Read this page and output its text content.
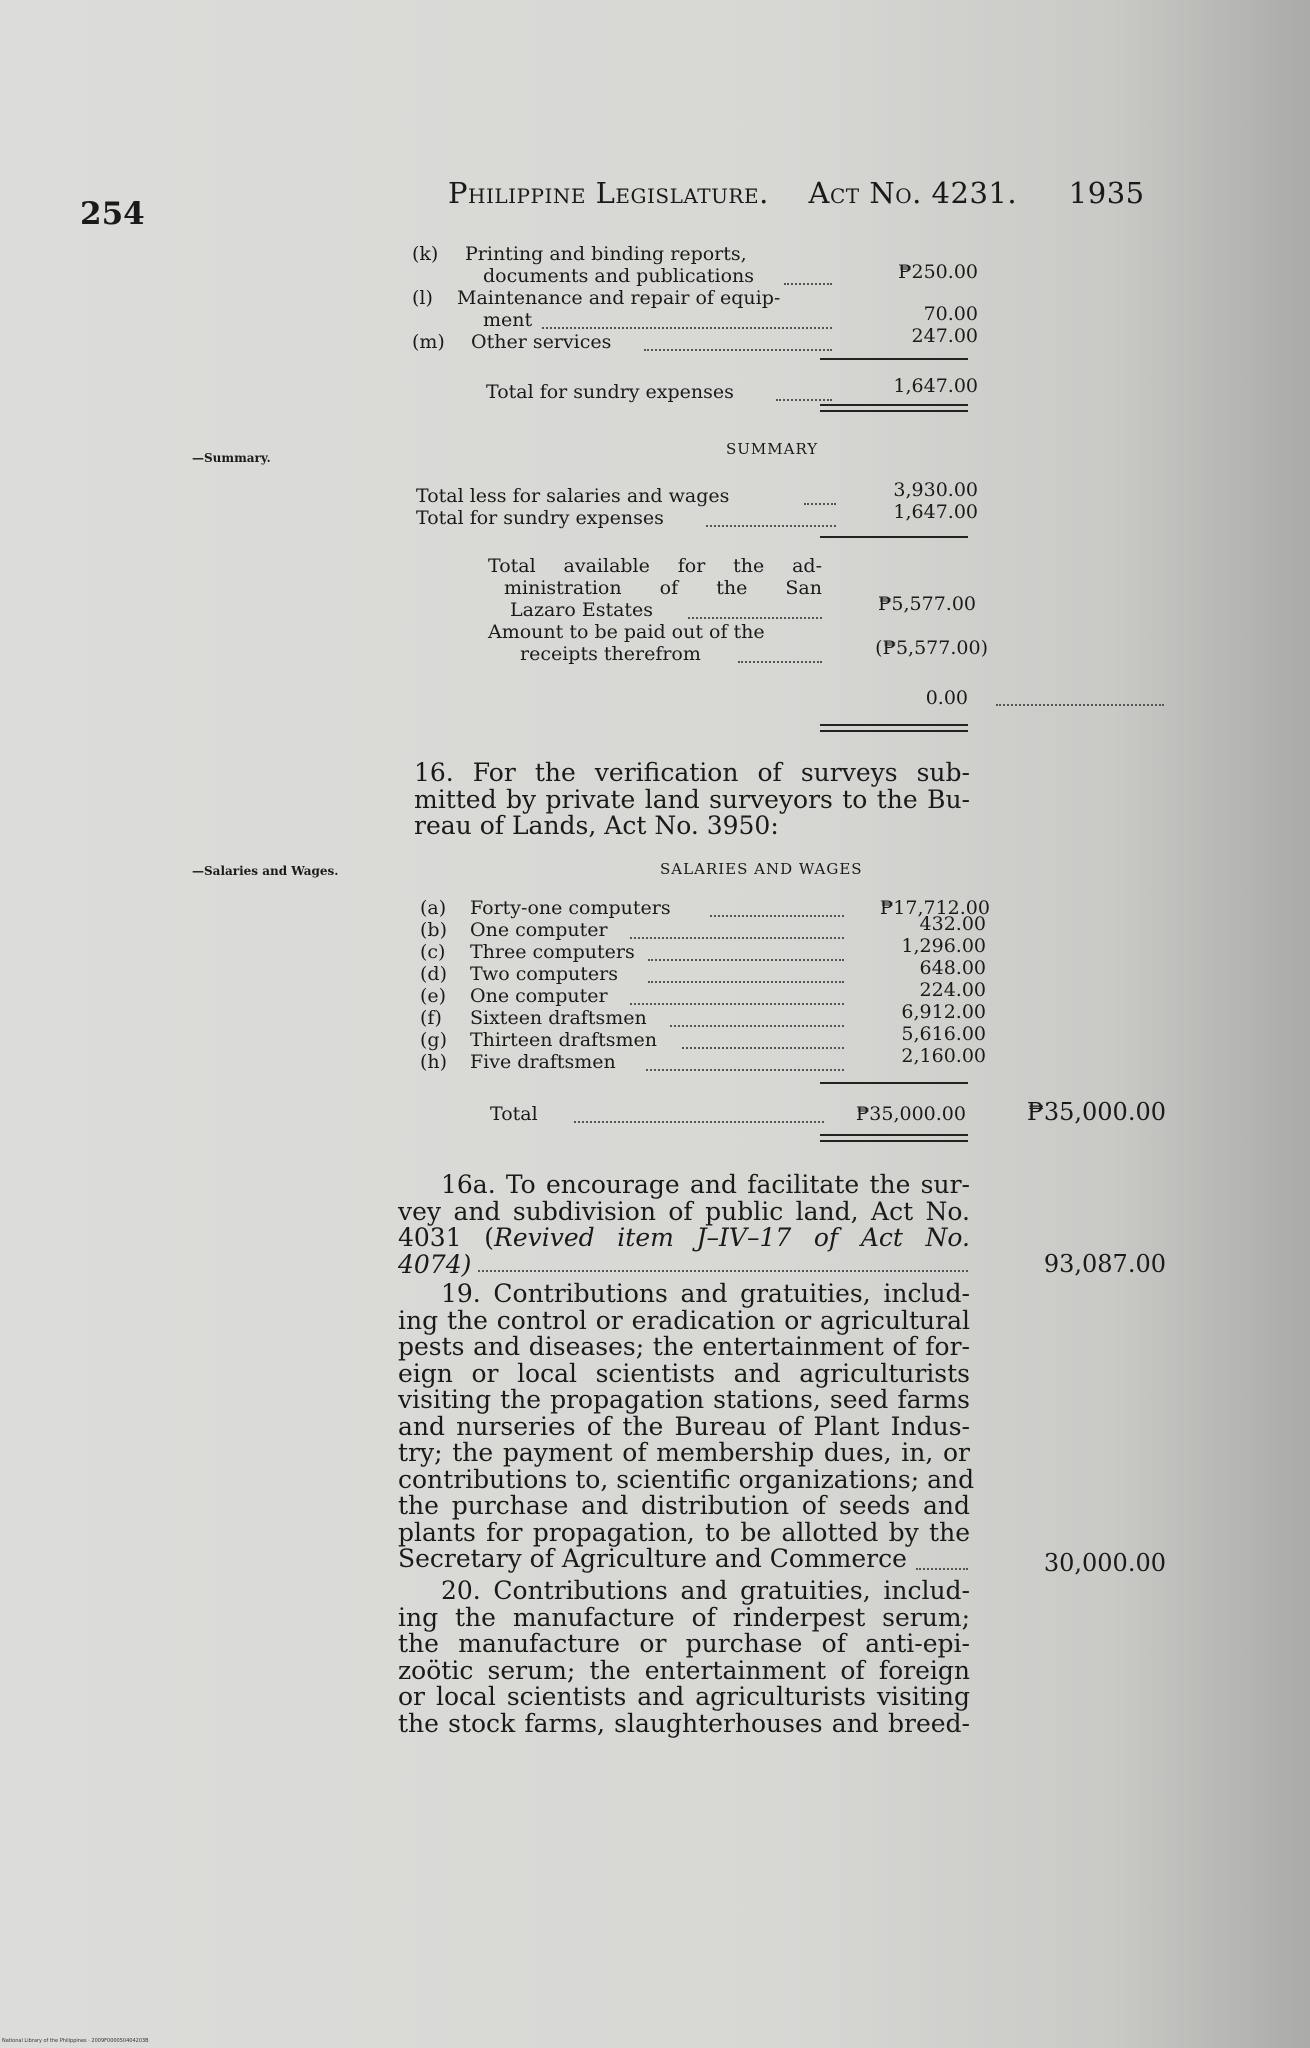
254
Philippine Legislature. Act No. 4231. 1935
(k) Printing and binding reports,
documents and publications	₱250.00
(l) Maintenance and repair of equip-
ment	70.00
(m) Other services	247.00
Total for sundry expenses	1,647.00
—Summary.	SUMMARY
Total less for salaries and wages	3,930.00
Total for sundry expenses	1,647.00
Total available for the ad-
ministration of the San
Lazaro Estates	₱5,577.00
Amount to be paid out of the
receipts therefrom	(₱5,577.00)
0.00
16. For the verification of surveys sub-
mitted by private land surveyors to the Bu-
reau of Lands, Act No. 3950:
—Salaries and Wages.	SALARIES AND WAGES
(a) Forty-one computers	₱17,712.00
(b) One computer	432.00
(c) Three computers	1,296.00
(d) Two computers	648.00
(e) One computer	224.00
(f) Sixteen draftsmen	6,912.00
(g) Thirteen draftsmen	5,616.00
(h) Five draftsmen	2,160.00
Total	₱35,000.00	₱35,000.00
16a. To encourage and facilitate the sur-
vey and subdivision of public land, Act No.
4031 (Revived item J–IV–17 of Act No.
4074)	93,087.00
19. Contributions and gratuities, includ-
ing the control or eradication or agricultural
pests and diseases; the entertainment of for-
eign or local scientists and agriculturists
visiting the propagation stations, seed farms
and nurseries of the Bureau of Plant Indus-
try; the payment of membership dues, in, or
contributions to, scientific organizations; and
the purchase and distribution of seeds and
plants for propagation, to be allotted by the
Secretary of Agriculture and Commerce	30,000.00
20. Contributions and gratuities, includ-
ing the manufacture of rinderpest serum;
the manufacture or purchase of anti-epi-
zoötic serum; the entertainment of foreign
or local scientists and agriculturists visiting
the stock farms, slaughterhouses and breed-
National Library of the Philippines · 2009F000050404203B
